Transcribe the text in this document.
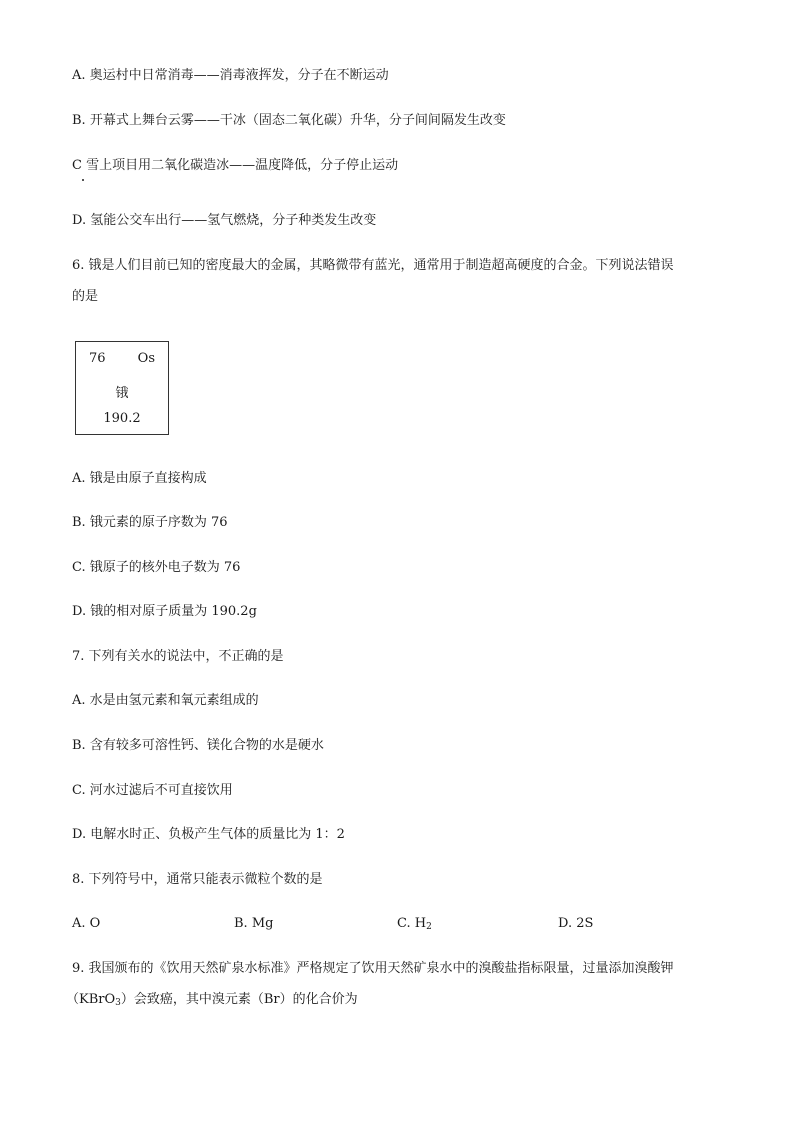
A. 奥运村中日常消毒——消毒液挥发，分子在不断运动
B. 开幕式上舞台云雾——干冰（固态二氧化碳）升华，分子间间隔发生改变
C 雪上项目用二氧化碳造冰——温度降低，分子停止运动
D. 氢能公交车出行——氢气燃烧，分子种类发生改变
6. 锇是人们目前已知的密度最大的金属，其略微带有蓝光，通常用于制造超高硬度的合金。下列说法错误
的是
76 Os
锇
190.2
A. 锇是由原子直接构成
B. 锇元素的原子序数为 76
C. 锇原子的核外电子数为 76
D. 锇的相对原子质量为 190.2g
7. 下列有关水的说法中，不正确的是
A. 水是由氢元素和氧元素组成的
B. 含有较多可溶性钙、镁化合物的水是硬水
C. 河水过滤后不可直接饮用
D. 电解水时正、负极产生气体的质量比为 1：2
8. 下列符号中，通常只能表示微粒个数的是
A. O	B. Mg	C. $H_2$	D. 2S
9. 我国颁布的《饮用天然矿泉水标准》严格规定了饮用天然矿泉水中的溴酸盐指标限量，过量添加溴酸钾
（KBrO$_3$）会致癌，其中溴元素（Br）的化合价为
